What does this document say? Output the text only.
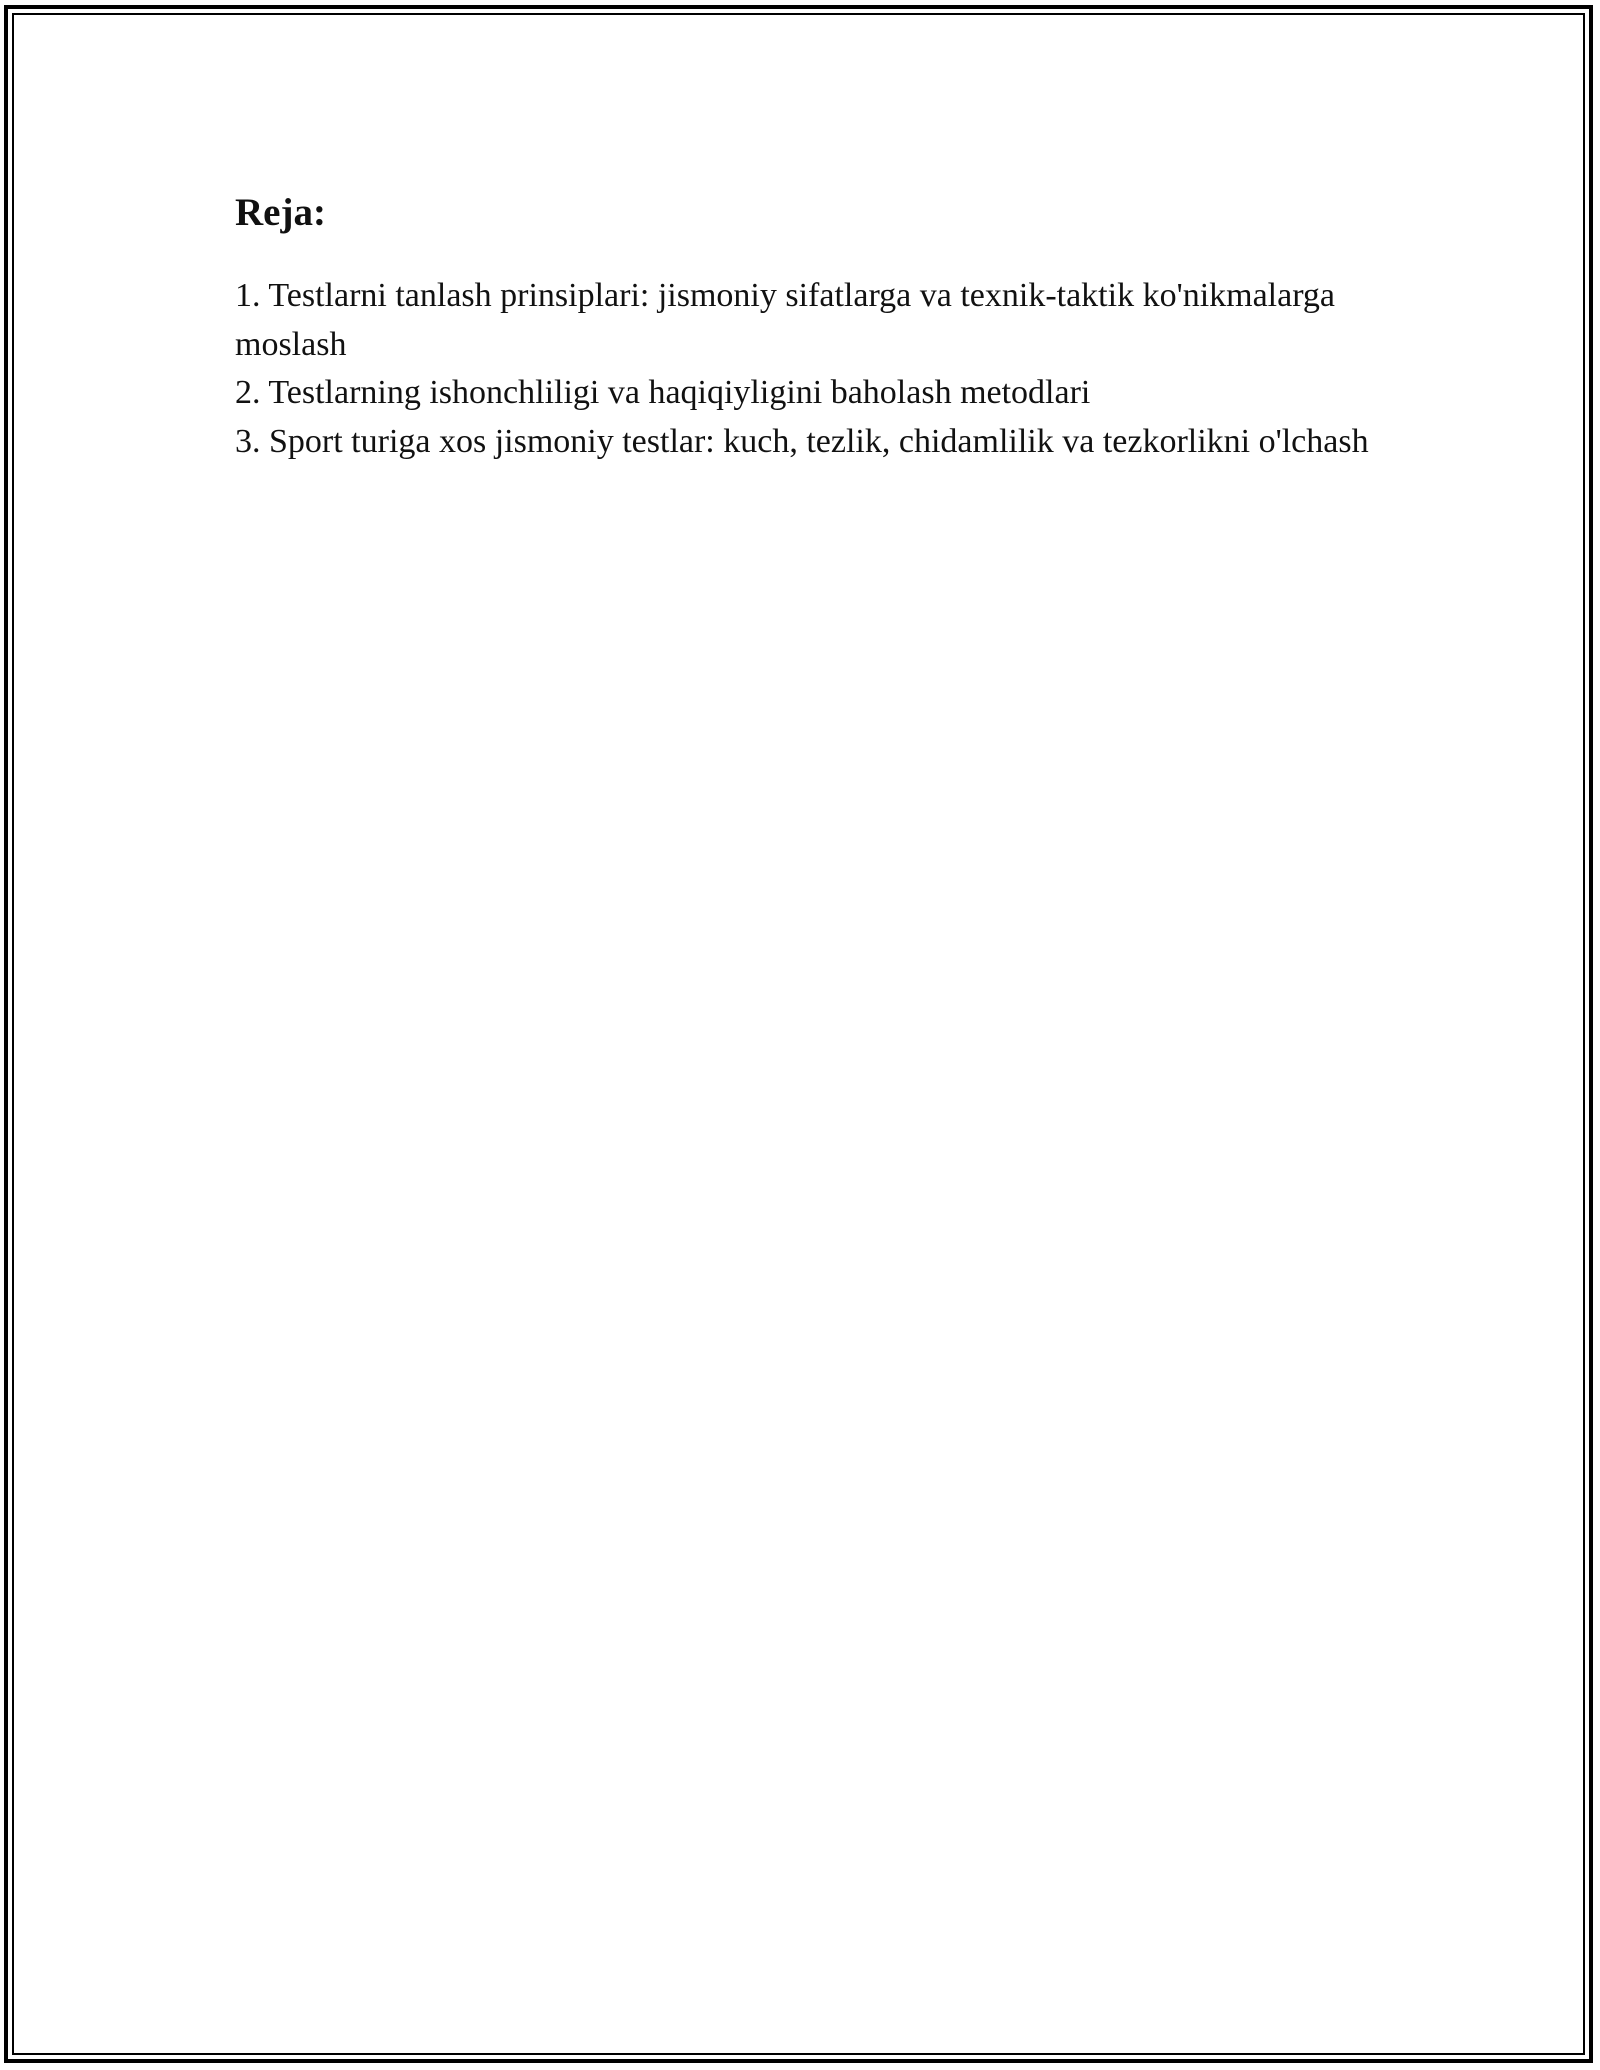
Reja:
1. Testlarni tanlash prinsiplari: jismoniy sifatlarga va texnik-taktik ko'nikmalarga moslash
2. Testlarning ishonchliligi va haqiqiyligini baholash metodlari
3. Sport turiga xos jismoniy testlar: kuch, tezlik, chidamlilik va tezkorlikni o'lchash
